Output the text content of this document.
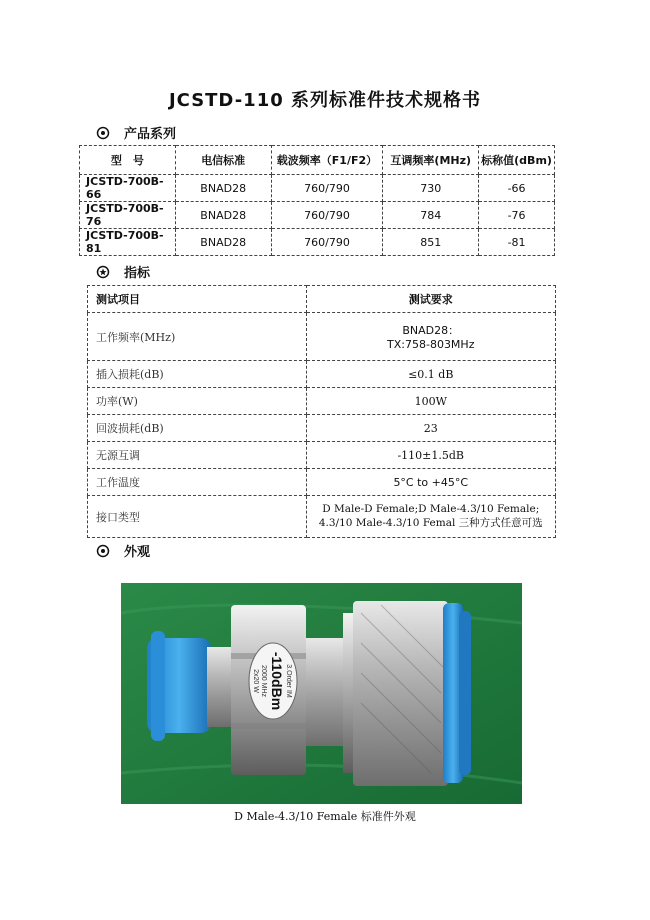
JCSTD-110 系列标准件技术规格书
产品系列
型　号	电信标准	载波频率（F1/F2）	互调频率(MHz)	标称值(dBm)
JCSTD-700B-66	BNAD28	760/790	730	-66
JCSTD-700B-76	BNAD28	760/790	784	-76
JCSTD-700B-81	BNAD28	760/790	851	-81
指标
测试项目	测试要求
工作频率(MHz)	BNAD28：
TX:758-803MHz

插入损耗(dB)	≤0.1 dB
功率(W)	100W
回波损耗(dB)	23
无源互调	-110±1.5dB
工作温度	5°C to +45°C
接口类型	D Male-D Female;D Male-4.3/10 Female;
4.3/10 Male-4.3/10 Femal 三种方式任意可选
外观
3.Order IM
-110dBm
2000 MHz
2x20 W
D Male-4.3/10 Female 标准件外观
